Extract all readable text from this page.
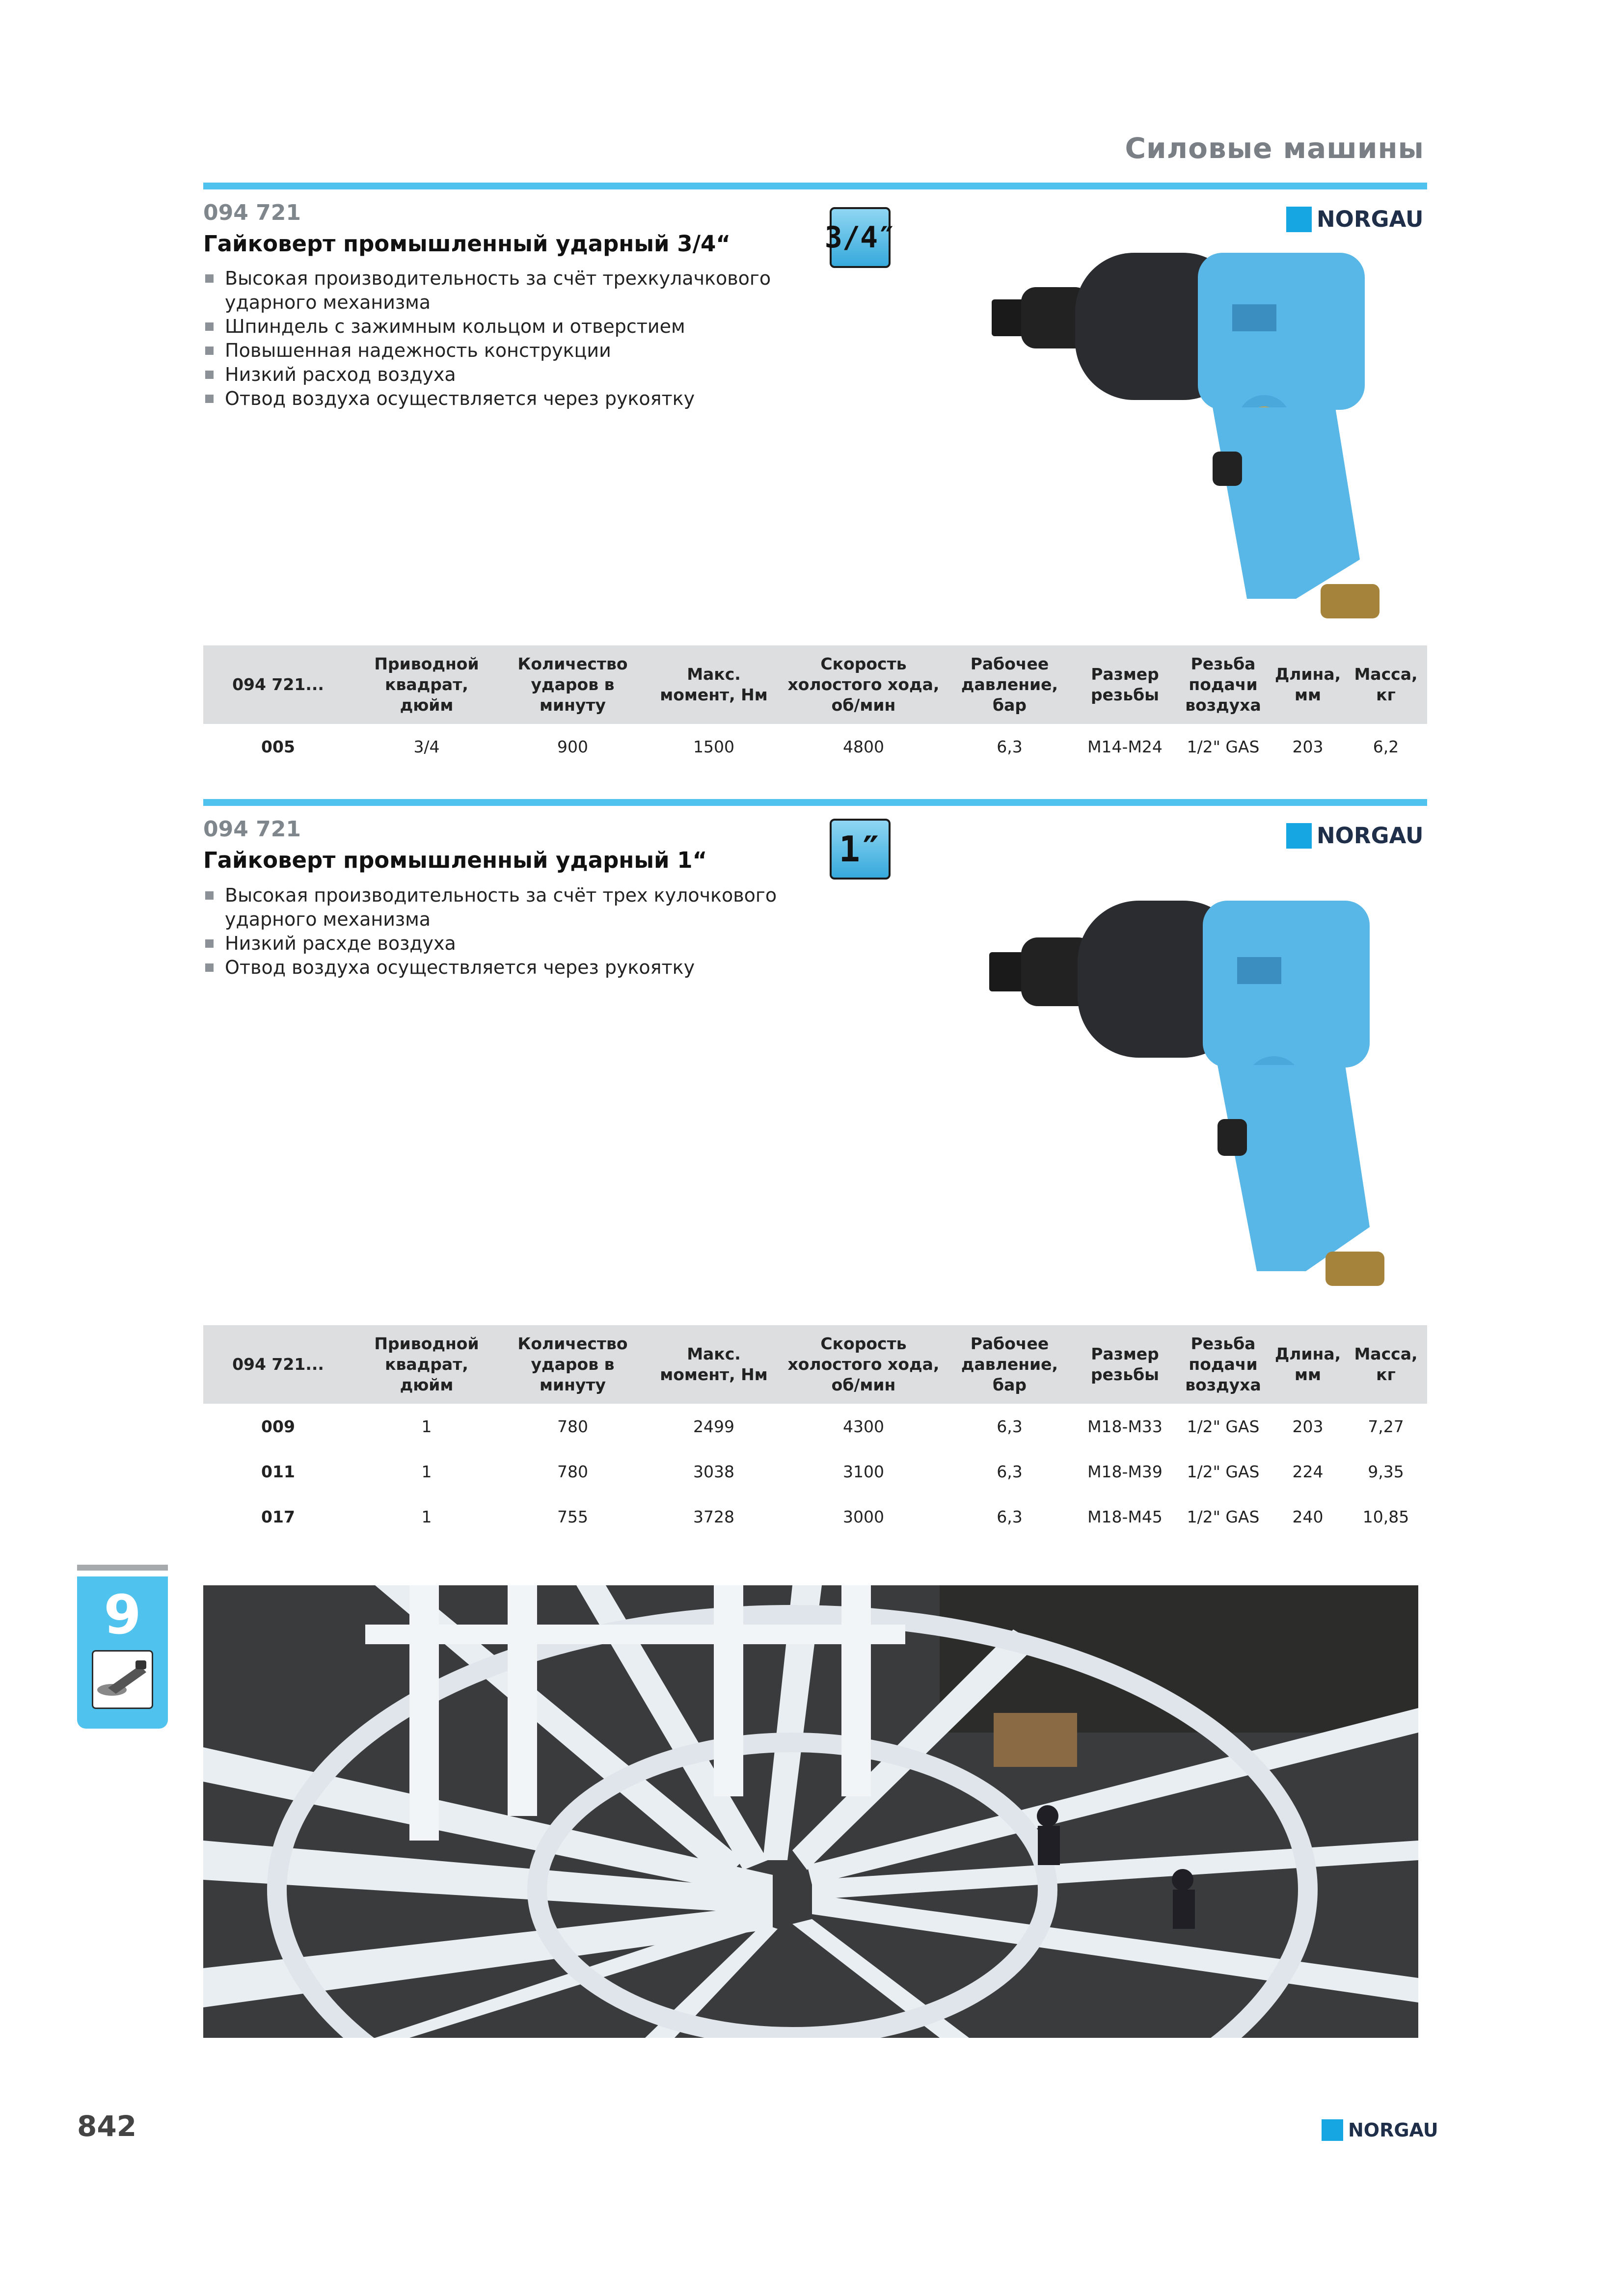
Силовые машины
094 721
Гайковерт промышленный ударный 3/4“
Высокая производительность за счёт трехкулачкового
ударного механизма
Шпиндель с зажимным кольцом и отверстием
Повышенная надежность конструкции
Низкий расход воздуха
Отвод воздуха осуществляется через рукоятку
3/4″
NORGAU
094 721...	Приводной квадрат, дюйм	Количество ударов в минуту	Макс. момент, Нм	Скорость холостого хода, об/мин	Рабочее давление, бар	Размер резьбы	Резьба подачи воздуха	Длина, мм	Масса, кг
005	3/4	900	1500	4800	6,3	M14-M24	1/2" GAS	203	6,2
094 721
Гайковерт промышленный ударный 1“
Высокая производительность за счёт трех кулочкового
ударного механизма
Низкий расхде воздуха
Отвод воздуха осуществляется через рукоятку
1″	NORGAU
094 721...	Приводной квадрат, дюйм	Количество ударов в минуту	Макс. момент, Нм	Скорость холостого хода, об/мин	Рабочее давление, бар	Размер резьбы	Резьба подачи воздуха	Длина, мм	Масса, кг
009	1	780	2499	4300	6,3	M18-M33	1/2" GAS	203	7,27
011	1	780	3038	3100	6,3	M18-M39	1/2" GAS	224	9,35
017	1	755	3728	3000	6,3	M18-M45	1/2" GAS	240	10,85
9
842	NORGAU
